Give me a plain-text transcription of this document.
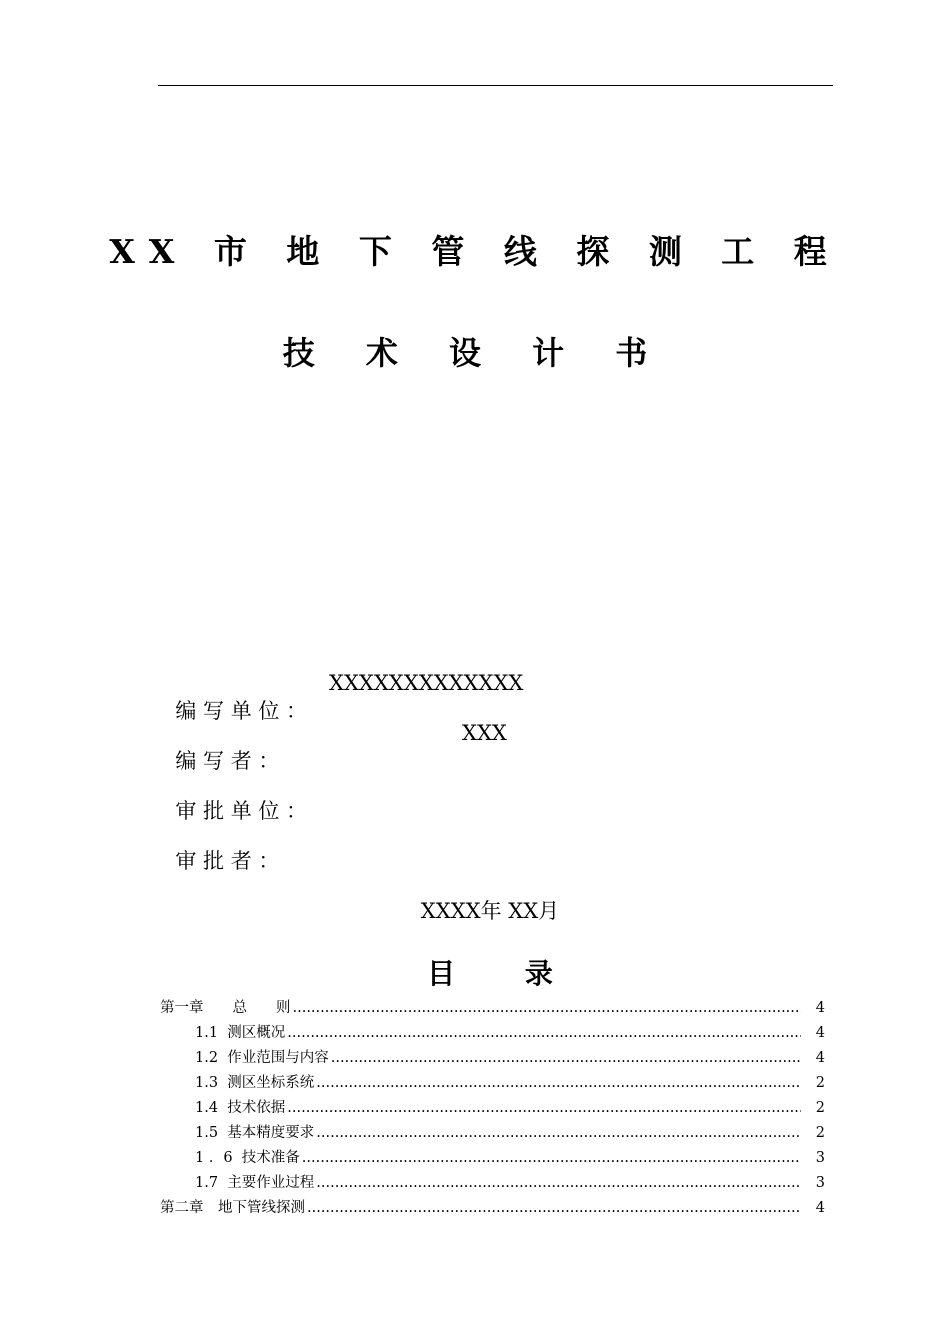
XX 市 地 下 管 线 探 测 工 程
技 术 设 计 书

编 写 单 位 ：

XXXXXXXXXXXXX

编 写 者 ：

XXX

审 批 单 位 ：

审 批 者 ：

XXXX年 XX月
目 录
第一章　　总　　则 .....	4
1.1  测区概况 .....	4
1.2  作业范围与内容 .....	4
1.3  测区坐标系统 .....	2
1.4  技术依据 .....	2
1.5  基本精度要求 .....	2
1 ．6  技术准备 .....	3
1.7  主要作业过程 .....	3
第二章　地下管线探测 .....	4
